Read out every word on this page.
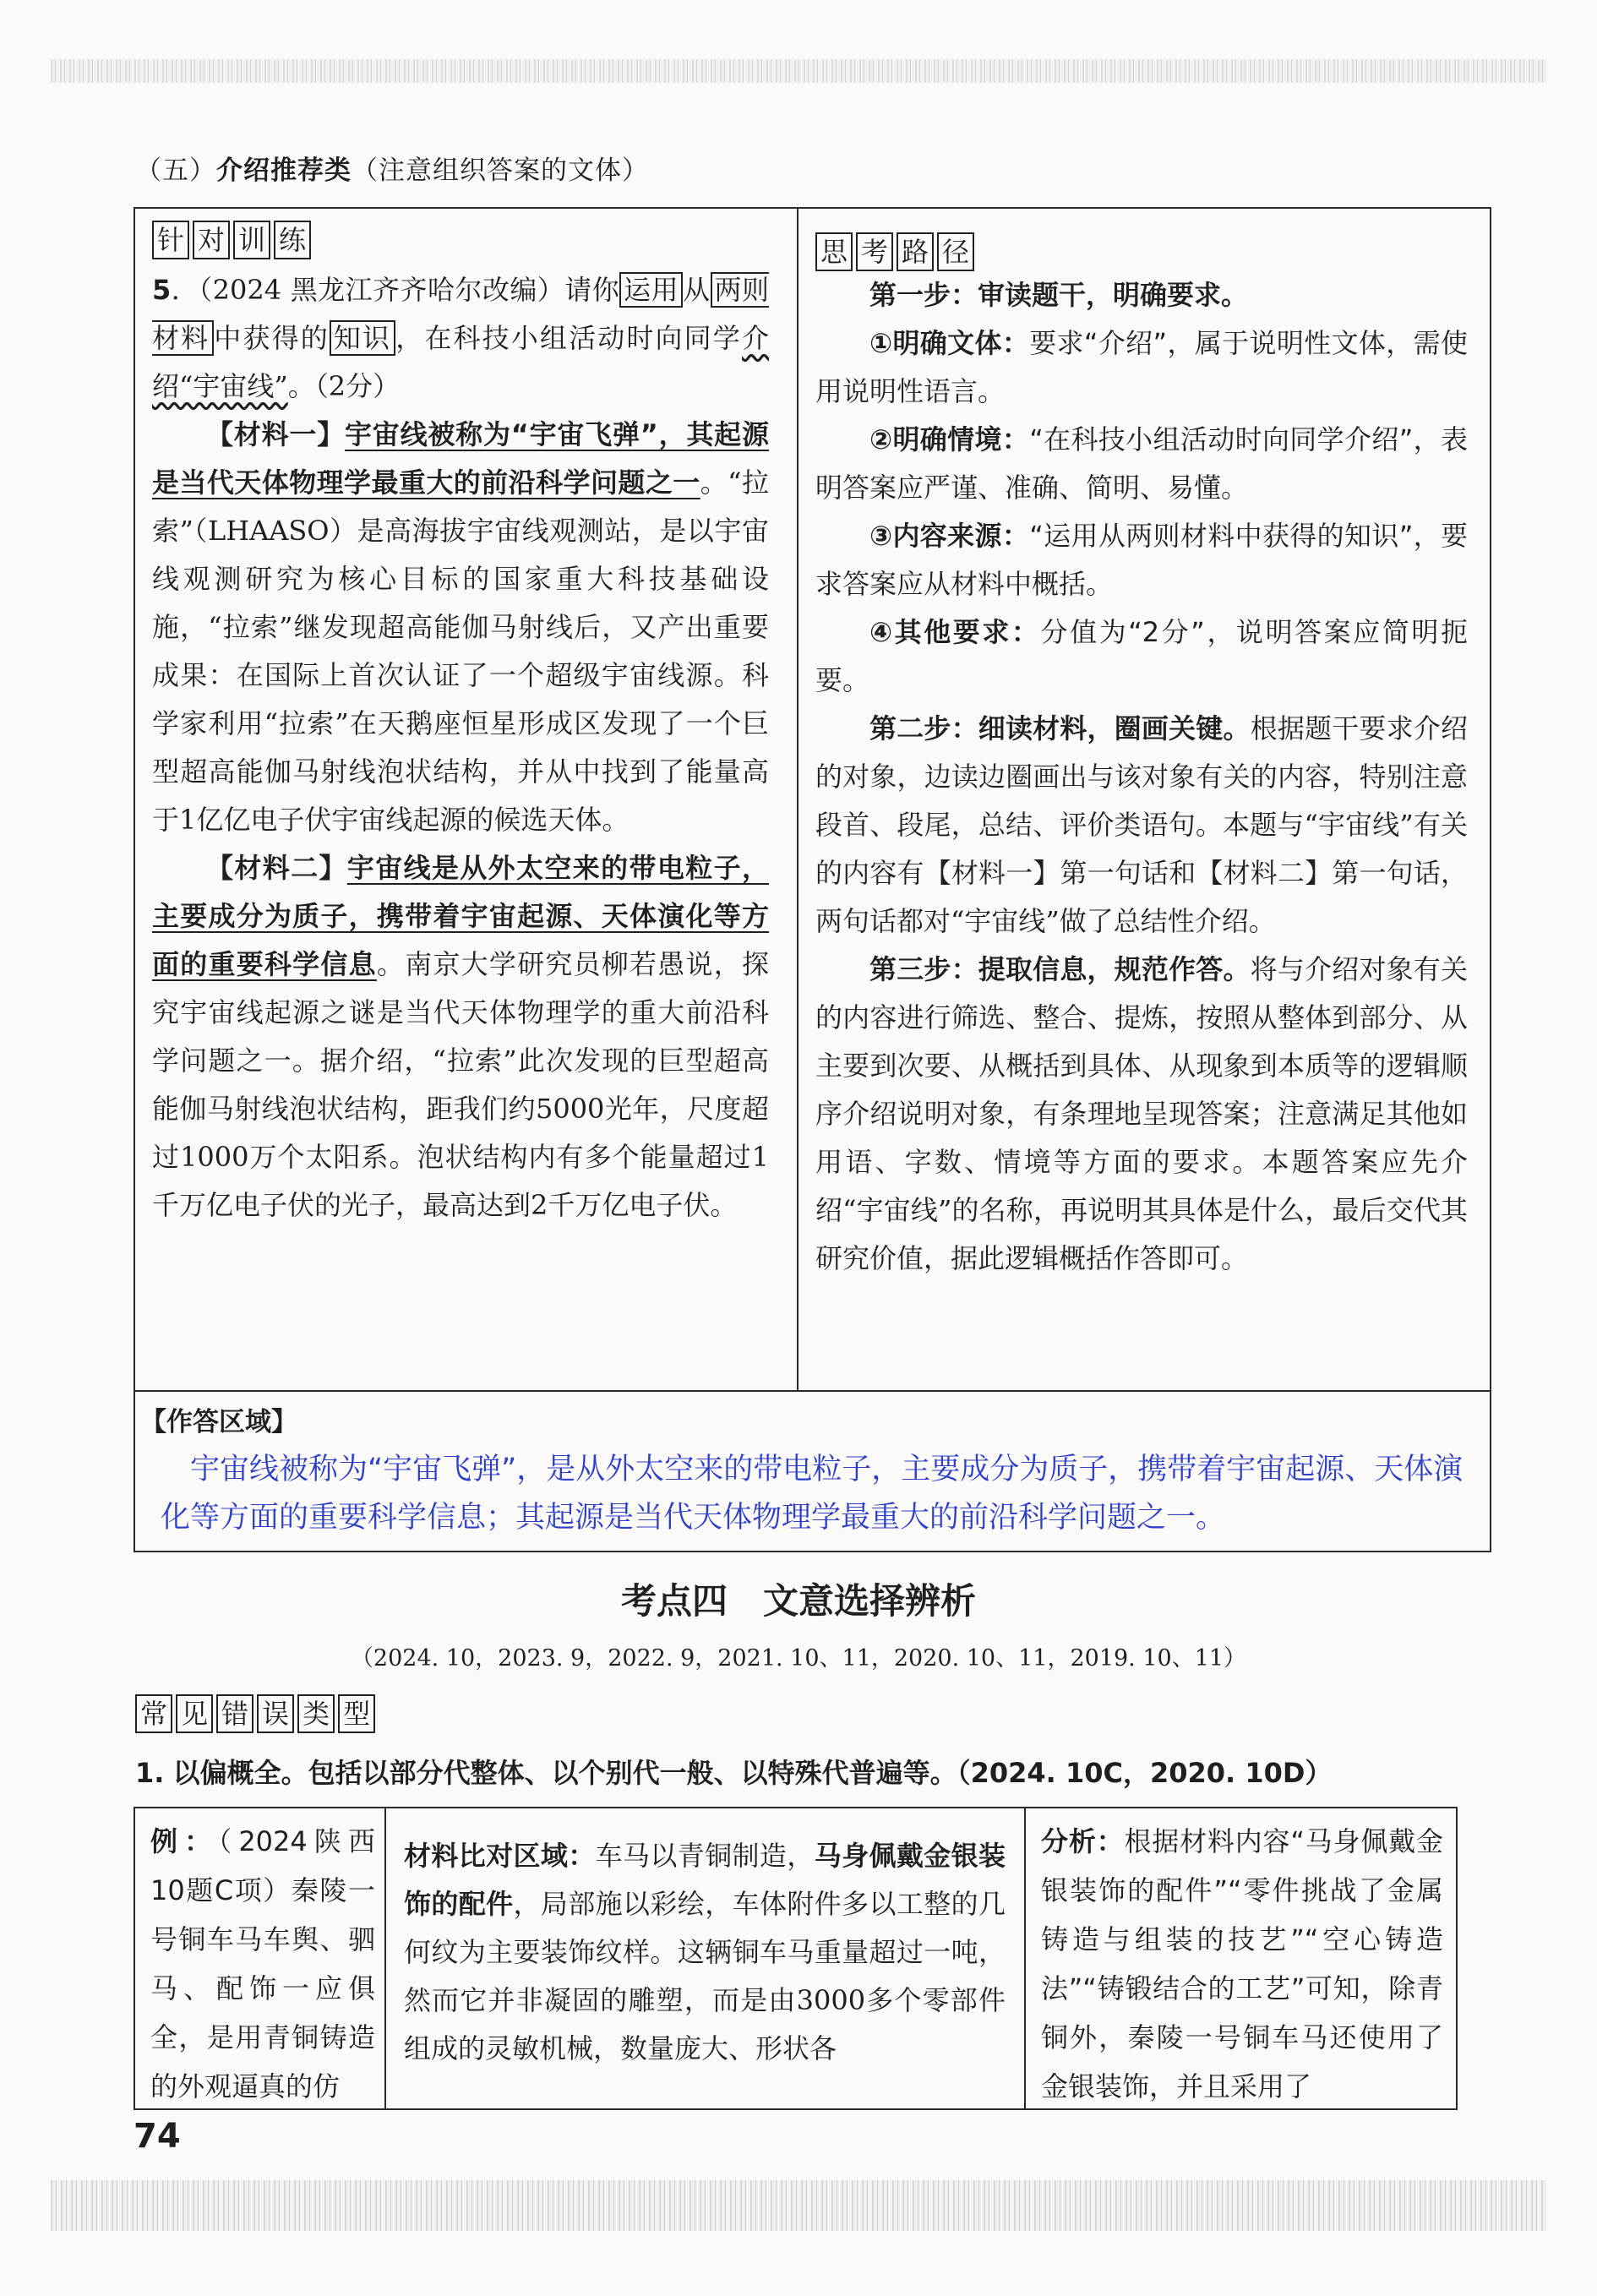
（五）介绍推荐类（注意组织答案的文体）
针 对 训 练
5．（2024 黑龙江齐齐哈尔改编）请你 运用 从 两则材料 中获得的 知识 ，在科技小组活动时向同学介绍“宇宙线”。（2分）
【材料一】宇宙线被称为“宇宙飞弹”，其起源是当代天体物理学最重大的前沿科学问题之一。“拉索”（LHAASO）是高海拔宇宙线观测站，是以宇宙线观测研究为核心目标的国家重大科技基础设施，“拉索”继发现超高能伽马射线后，又产出重要成果：在国际上首次认证了一个超级宇宙线源。科学家利用“拉索”在天鹅座恒星形成区发现了一个巨型超高能伽马射线泡状结构，并从中找到了能量高于1亿亿电子伏宇宙线起源的候选天体。
【材料二】宇宙线是从外太空来的带电粒子，主要成分为质子，携带着宇宙起源、天体演化等方面的重要科学信息。南京大学研究员柳若愚说，探究宇宙线起源之谜是当代天体物理学的重大前沿科学问题之一。据介绍，“拉索”此次发现的巨型超高能伽马射线泡状结构，距我们约5000光年，尺度超过1000万个太阳系。泡状结构内有多个能量超过1千万亿电子伏的光子，最高达到2千万亿电子伏。
思 考 路 径
第一步：审读题干，明确要求。
①明确文体：要求“介绍”，属于说明性文体，需使用说明性语言。
②明确情境：“在科技小组活动时向同学介绍”，表明答案应严谨、准确、简明、易懂。
③内容来源：“运用从两则材料中获得的知识”，要求答案应从材料中概括。
④其他要求：分值为“2分”，说明答案应简明扼要。
第二步：细读材料，圈画关键。根据题干要求介绍的对象，边读边圈画出与该对象有关的内容，特别注意段首、段尾，总结、评价类语句。本题与“宇宙线”有关的内容有【材料一】第一句话和【材料二】第一句话，两句话都对“宇宙线”做了总结性介绍。
第三步：提取信息，规范作答。将与介绍对象有关的内容进行筛选、整合、提炼，按照从整体到部分、从主要到次要、从概括到具体、从现象到本质等的逻辑顺序介绍说明对象，有条理地呈现答案；注意满足其他如用语、字数、情境等方面的要求。本题答案应先介绍“宇宙线”的名称，再说明其具体是什么，最后交代其研究价值，据此逻辑概括作答即可。
【作答区域】
宇宙线被称为“宇宙飞弹”，是从外太空来的带电粒子，主要成分为质子，携带着宇宙起源、天体演化等方面的重要科学信息；其起源是当代天体物理学最重大的前沿科学问题之一。
考点四　文意选择辨析
（2024. 10，2023. 9，2022. 9，2021. 10、11，2020. 10、11，2019. 10、11）
常 见 错 误 类 型
1. 以偏概全。包括以部分代整体、以个别代一般、以特殊代普遍等。（2024. 10C，2020. 10D）
例：（2024陕西10题C项）秦陵一号铜车马车舆、驷马、配饰一应俱全，是用青铜铸造的外观逼真的仿
材料比对区域：车马以青铜制造，马身佩戴金银装饰的配件，局部施以彩绘，车体附件多以工整的几何纹为主要装饰纹样。这辆铜车马重量超过一吨，然而它并非凝固的雕塑，而是由3000多个零部件组成的灵敏机械，数量庞大、形状各
分析：根据材料内容“马身佩戴金银装饰的配件”“零件挑战了金属铸造与组装的技艺”“空心铸造法”“铸锻结合的工艺”可知，除青铜外，秦陵一号铜车马还使用了金银装饰，并且采用了
74
